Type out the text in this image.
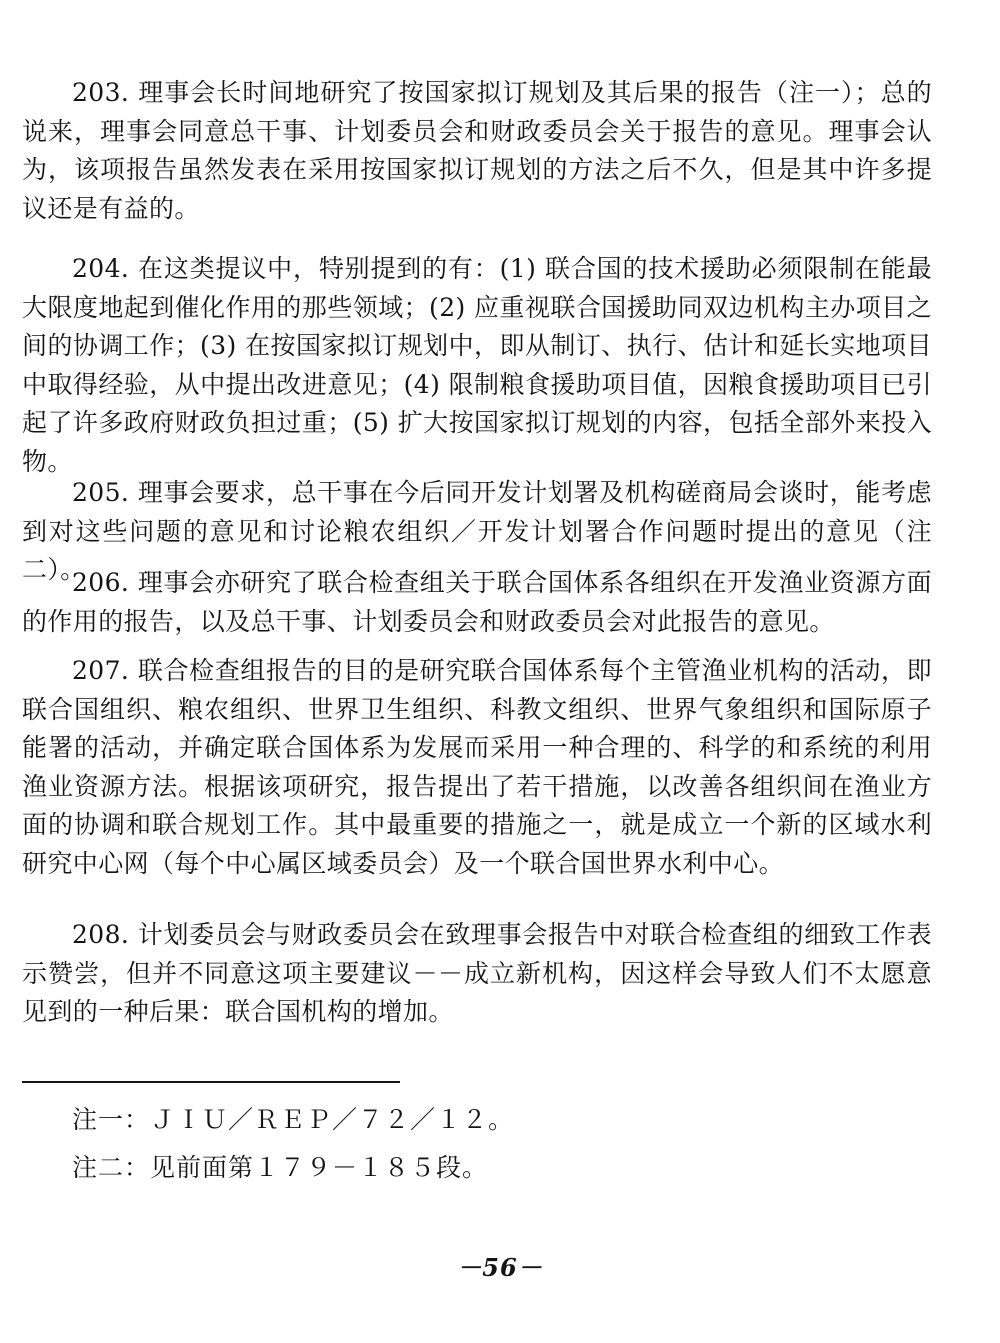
203. 理事会长时间地研究了按国家拟订规划及其后果的报告（注一）；总的说来，理事会同意总干事、计划委员会和财政委员会关于报告的意见。理事会认为，该项报告虽然发表在采用按国家拟订规划的方法之后不久，但是其中许多提议还是有益的。

204. 在这类提议中，特别提到的有：(1) 联合国的技术援助必须限制在能最大限度地起到催化作用的那些领域；(2) 应重视联合国援助同双边机构主办项目之间的协调工作；(3) 在按国家拟订规划中，即从制订、执行、估计和延长实地项目中取得经验，从中提出改进意见；(4) 限制粮食援助项目值，因粮食援助项目已引起了许多政府财政负担过重；(5) 扩大按国家拟订规划的内容，包括全部外来投入物。

205. 理事会要求，总干事在今后同开发计划署及机构磋商局会谈时，能考虑到对这些问题的意见和讨论粮农组织／开发计划署合作问题时提出的意见（注二）。

206. 理事会亦研究了联合检查组关于联合国体系各组织在开发渔业资源方面的作用的报告，以及总干事、计划委员会和财政委员会对此报告的意见。

207. 联合检查组报告的目的是研究联合国体系每个主管渔业机构的活动，即联合国组织、粮农组织、世界卫生组织、科教文组织、世界气象组织和国际原子能署的活动，并确定联合国体系为发展而采用一种合理的、科学的和系统的利用渔业资源方法。根据该项研究，报告提出了若干措施，以改善各组织间在渔业方面的协调和联合规划工作。其中最重要的措施之一，就是成立一个新的区域水利研究中心网（每个中心属区域委员会）及一个联合国世界水利中心。

208. 计划委员会与财政委员会在致理事会报告中对联合检查组的细致工作表示赞尝，但并不同意这项主要建议－－成立新机构，因这样会导致人们不太愿意见到的一种后果：联合国机构的增加。

注一：ＪＩＵ／ＲＥＰ／７２／１２。

注二：见前面第１７９－１８５段。

－56－
